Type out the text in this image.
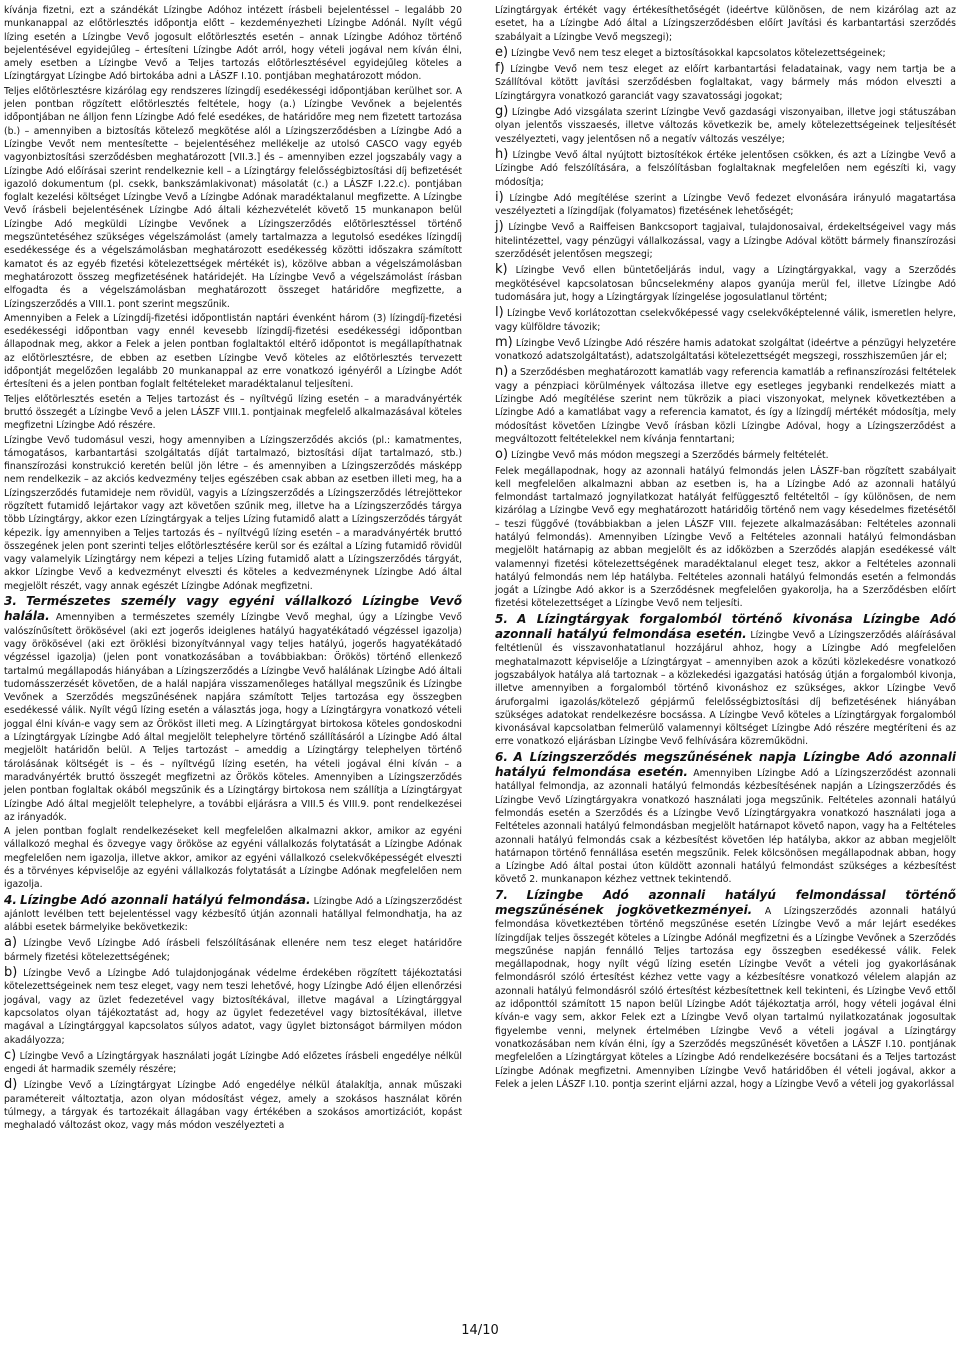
kívánja fizetni, ezt a szándékát Lízingbe Adóhoz intézett írásbeli bejelentéssel – legalább 20 munkanappal az előtörlesztés időpontja előtt – kezdeményezheti Lízingbe Adónál. Nyílt végű lízing esetén a Lízingbe Vevő jogosult előtörlesztés esetén – annak Lízingbe Adóhoz történő bejelentésével egyidejűleg – értesíteni Lízingbe Adót arról, hogy vételi jogával nem kíván élni, amely esetben a Lízingbe Vevő a Teljes tartozás előtörlesztésével egyidejűleg köteles a Lízingtárgyat Lízingbe Adó birtokába adni a LÁSZF I.10. pontjában meghatározott módon.

Teljes előtörlesztésre kizárólag egy rendszeres lízingdíj esedékességi időpontjában kerülhet sor. A jelen pontban rögzített előtörlesztés feltétele, hogy (a.) Lízingbe Vevőnek a bejelentés időpontjában ne álljon fenn Lízingbe Adó felé esedékes, de határidőre meg nem fizetett tartozása (b.) – amennyiben a biztosítás kötelező megkötése alól a Lízingszerződésben a Lízingbe Adó a Lízingbe Vevőt nem mentesítette – bejelentéséhez mellékelje az utolsó CASCO vagy egyéb vagyonbiztosítási szerződésben meghatározott [VII.3.] és – amennyiben ezzel jogszabály vagy a Lízingbe Adó előírásai szerint rendelkeznie kell – a Lízingtárgy felelősségbiztosítási díj befizetését igazoló dokumentum (pl. csekk, bankszámlakivonat) másolatát (c.) a LÁSZF I.22.c). pontjában foglalt kezelési költséget Lízingbe Vevő a Lízingbe Adónak maradéktalanul megfizette. A Lízingbe Vevő írásbeli bejelentésének Lízingbe Adó általi kézhezvételét követő 15 munkanapon belül Lízingbe Adó megküldi Lízingbe Vevőnek a Lízingszerződés előtörlesztéssel történő megszüntetéséhez szükséges végelszámolást (amely tartalmazza a legutolsó esedékes lízingdíj esedékessége és a végelszámolásban meghatározott esedékesség közötti időszakra számított kamatot és az egyéb fizetési kötelezettségek mértékét is), közölve abban a végelszámolásban meghatározott összeg megfizetésének határidejét. Ha Lízingbe Vevő a végelszámolást írásban elfogadta és a végelszámolásban meghatározott összeget határidőre megfizette, a Lízingszerződés a VIII.1. pont szerint megszűnik.

Amennyiben a Felek a Lízingdíj-fizetési időpontlistán naptári évenként három (3) lízingdíj-fizetési esedékességi időpontban vagy ennél kevesebb lízingdíj-fizetési esedékességi időpontban állapodnak meg, akkor a Felek a jelen pontban foglaltaktól eltérő időpontot is megállapíthatnak az előtörlesztésre, de ebben az esetben Lízingbe Vevő köteles az előtörlesztés tervezett időpontját megelőzően legalább 20 munkanappal az erre vonatkozó igényéről a Lízingbe Adót értesíteni és a jelen pontban foglalt feltételeket maradéktalanul teljesíteni.

Teljes előtörlesztés esetén a Teljes tartozást és – nyíltvégű lízing esetén – a maradványérték bruttó összegét a Lízingbe Vevő a jelen LÁSZF VIII.1. pontjainak megfelelő alkalmazásával köteles megfizetni Lízingbe Adó részére.

Lízingbe Vevő tudomásul veszi, hogy amennyiben a Lízingszerződés akciós (pl.: kamatmentes, támogatásos, karbantartási szolgáltatás díját tartalmazó, biztosítási díjat tartalmazó, stb.) finanszírozási konstrukció keretén belül jön létre – és amennyiben a Lízingszerződés másképp nem rendelkezik – az akciós kedvezmény teljes egészében csak abban az esetben illeti meg, ha a Lízingszerződés futamideje nem rövidül, vagyis a Lízingszerződés a Lízingszerződés létrejöttekor rögzített futamidő lejártakor vagy azt követően szűnik meg, illetve ha a Lízingszerződés tárgya több Lízingtárgy, akkor ezen Lízingtárgyak a teljes Lízing futamidő alatt a Lízingszerződés tárgyát képezik. Így amennyiben a Teljes tartozás és – nyíltvégű lízing esetén – a maradványérték bruttó összegének jelen pont szerinti teljes előtörlesztésére kerül sor és ezáltal a Lízing futamidő rövidül vagy valamelyik Lízingtárgy nem képezi a teljes Lízing futamidő alatt a Lízingszerződés tárgyát, akkor Lízingbe Vevő a kedvezményt elveszti és köteles a kedvezménynek Lízingbe Adó által megjelölt részét, vagy annak egészét Lízingbe Adónak megfizetni.

3. Természetes személy vagy egyéni vállalkozó Lízingbe Vevő halála. Amennyiben a természetes személy Lízingbe Vevő meghal, úgy a Lízingbe Vevő valószínűsített örökösével (aki ezt jogerős ideiglenes hatályú hagyatékátadó végzéssel igazolja) vagy örökösével (aki ezt öröklési bizonyítvánnyal vagy teljes hatályú, jogerős hagyatékátadó végzéssel igazolja) (jelen pont vonatkozásában a továbbiakban: Örökös) történő ellenkező tartalmú megállapodás hiányában a Lízingszerződés a Lízingbe Vevő halálának Lízingbe Adó általi tudomásszerzését követően, de a halál napjára visszamenőleges hatállyal megszűnik és Lízingbe Vevőnek a Szerződés megszűnésének napjára számított Teljes tartozása egy összegben esedékessé válik. Nyílt végű lízing esetén a választás joga, hogy a Lízingtárgyra vonatkozó vételi joggal élni kíván-e vagy sem az Örököst illeti meg. A Lízingtárgyat birtokosa köteles gondoskodni a Lízingtárgyak Lízingbe Adó által megjelölt telephelyre történő szállításáról a Lízingbe Adó által megjelölt határidőn belül. A Teljes tartozást – ameddig a Lízingtárgy telephelyen történő tárolásának költségét is – és – nyíltvégű lízing esetén, ha vételi jogával élni kíván – a maradványérték bruttó összegét megfizetni az Örökös köteles. Amennyiben a Lízingszerződés jelen pontban foglaltak okából megszűnik és a Lízingtárgy birtokosa nem szállítja a Lízingtárgyat Lízingbe Adó által megjelölt telephelyre, a további eljárásra a VIII.5 és VIII.9. pont rendelkezései az irányadók.

A jelen pontban foglalt rendelkezéseket kell megfelelően alkalmazni akkor, amikor az egyéni vállalkozó meghal és özvegye vagy örököse az egyéni vállalkozás folytatását a Lízingbe Adónak megfelelően nem igazolja, illetve akkor, amikor az egyéni vállalkozó cselekvőképességét elveszti és a törvényes képviselője az egyéni vállalkozás folytatását a Lízingbe Adónak megfelelően nem igazolja.

4. Lízingbe Adó azonnali hatályú felmondása. Lízingbe Adó a Lízingszerződést ajánlott levélben tett bejelentéssel vagy kézbesítő útján azonnali hatállyal felmondhatja, ha az alábbi esetek bármelyike bekövetkezik:

a) Lízingbe Vevő Lízingbe Adó írásbeli felszólításának ellenére nem tesz eleget határidőre bármely fizetési kötelezettségének;

b) Lízingbe Vevő a Lízingbe Adó tulajdonjogának védelme érdekében rögzített tájékoztatási kötelezettségeinek nem tesz eleget, vagy nem teszi lehetővé, hogy Lízingbe Adó éljen ellenőrzési jogával, vagy az üzlet fedezetével vagy biztosítékával, illetve magával a Lízingtárggyal kapcsolatos olyan tájékoztatást ad, hogy az ügylet fedezetével vagy biztosítékával, illetve magával a Lízingtárggyal kapcsolatos súlyos adatot, vagy ügylet biztonságot bármilyen módon akadályozza;

c) Lízingbe Vevő a Lízingtárgyak használati jogát Lízingbe Adó előzetes írásbeli engedélye nélkül engedi át harmadik személy részére;

d) Lízingbe Vevő a Lízingtárgyat Lízingbe Adó engedélye nélkül átalakítja, annak műszaki paramétereit változtatja, azon olyan módosítást végez, amely a szokásos használat körén túlmegy, a tárgyak és tartozékait állagában vagy értékében a szokásos amortizációt, kopást meghaladó változást okoz, vagy más módon veszélyezteti a

Lízingtárgyak értékét vagy értékesíthetőségét (ideértve különösen, de nem kizárólag azt az esetet, ha a Lízingbe Adó által a Lízingszerződésben előírt Javítási és karbantartási szerződés szabályait a Lízingbe Vevő megszegi);

e) Lízingbe Vevő nem tesz eleget a biztosításokkal kapcsolatos kötelezettségeinek;

f) Lízingbe Vevő nem tesz eleget az előírt karbantartási feladatainak, vagy nem tartja be a Szállítóval kötött javítási szerződésben foglaltakat, vagy bármely más módon elveszti a Lízingtárgyra vonatkozó garanciát vagy szavatossági jogokat;

g) Lízingbe Adó vizsgálata szerint Lízingbe Vevő gazdasági viszonyaiban, illetve jogi státuszában olyan jelentős visszaesés, illetve változás következik be, amely kötelezettségeinek teljesítését veszélyezteti, vagy jelentősen nő a negatív változás veszélye;

h) Lízingbe Vevő által nyújtott biztosítékok értéke jelentősen csökken, és azt a Lízingbe Vevő a Lízingbe Adó felszólítására, a felszólításban foglaltaknak megfelelően nem egészíti ki, vagy módosítja;

i) Lízingbe Adó megítélése szerint a Lízingbe Vevő fedezet elvonására irányuló magatartása veszélyezteti a lízingdíjak (folyamatos) fizetésének lehetőségét;

j) Lízingbe Vevő a Raiffeisen Bankcsoport tagjaival, tulajdonosaival, érdekeltségeivel vagy más hitelintézettel, vagy pénzügyi vállalkozással, vagy a Lízingbe Adóval kötött bármely finanszírozási szerződését jelentősen megszegi;

k) Lízingbe Vevő ellen büntetőeljárás indul, vagy a Lízingtárgyakkal, vagy a Szerződés megkötésével kapcsolatosan bűncselekmény alapos gyanúja merül fel, illetve Lízingbe Adó tudomására jut, hogy a Lízingtárgyak lízingelése jogosulatlanul történt;

l) Lízingbe Vevő korlátozottan cselekvőképessé vagy cselekvőképtelenné válik, ismeretlen helyre, vagy külföldre távozik;

m) Lízingbe Vevő Lízingbe Adó részére hamis adatokat szolgáltat (ideértve a pénzügyi helyzetére vonatkozó adatszolgáltatást), adatszolgáltatási kötelezettségét megszegi, rosszhiszeműen jár el;

n) a Szerződésben meghatározott kamatláb vagy referencia kamatláb a refinanszírozási feltételek vagy a pénzpiaci körülmények változása illetve egy esetleges jegybanki rendelkezés miatt a Lízingbe Adó megítélése szerint nem tükrözik a piaci viszonyokat, melynek következtében a Lízingbe Adó a kamatlábat vagy a referencia kamatot, és így a lízingdíj mértékét módosítja, mely módosítást követően Lízingbe Vevő írásban közli Lízingbe Adóval, hogy a Lízingszerződést a megváltozott feltételekkel nem kívánja fenntartani;

o) Lízingbe Vevő más módon megszegi a Szerződés bármely feltételét.

Felek megállapodnak, hogy az azonnali hatályú felmondás jelen LÁSZF-ban rögzített szabályait kell megfelelően alkalmazni abban az esetben is, ha a Lízingbe Adó az azonnali hatályú felmondást tartalmazó jognyilatkozat hatályát felfüggesztő feltételtől – így különösen, de nem kizárólag a Lízingbe Vevő egy meghatározott határidőig történő nem vagy késedelmes fizetésétől – teszi függővé (továbbiakban a jelen LÁSZF VIII. fejezete alkalmazásában: Feltételes azonnali hatályú felmondás). Amennyiben Lízingbe Vevő a Feltételes azonnali hatályú felmondásban megjelölt határnapig az abban megjelölt és az időközben a Szerződés alapján esedékessé vált valamennyi fizetési kötelezettségének maradéktalanul eleget tesz, akkor a Feltételes azonnali hatályú felmondás nem lép hatályba. Feltételes azonnali hatályú felmondás esetén a felmondás jogát a Lízingbe Adó akkor is a Szerződésnek megfelelően gyakorolja, ha a Szerződésben előírt fizetési kötelezettséget a Lízingbe Vevő nem teljesíti.

5. A Lízingtárgyak forgalomból történő kivonása Lízingbe Adó azonnali hatályú felmondása esetén. Lízingbe Vevő a Lízingszerződés aláírásával feltétlenül és visszavonhatatlanul hozzájárul ahhoz, hogy a Lízingbe Adó megfelelően meghatalmazott képviselője a Lízingtárgyat – amennyiben azok a közúti közlekedésre vonatkozó jogszabályok hatálya alá tartoznak – a közlekedési igazgatási hatóság útján a forgalomból kivonja, illetve amennyiben a forgalomból történő kivonáshoz ez szükséges, akkor Lízingbe Vevő áruforgalmi igazolás/kötelező gépjármű felelősségbiztosítási díj befizetésének hiányában szükséges adatokat rendelkezésre bocsássa. A Lízingbe Vevő köteles a Lízingtárgyak forgalomból kivonásával kapcsolatban felmerülő valamennyi költséget Lízingbe Adó részére megtéríteni és az erre vonatkozó eljárásban Lízingbe Vevő felhívására közreműködni.

6. A Lízingszerződés megszűnésének napja Lízingbe Adó azonnali hatályú felmondása esetén. Amennyiben Lízingbe Adó a Lízingszerződést azonnali hatállyal felmondja, az azonnali hatályú felmondás kézbesítésének napján a Lízingszerződés és Lízingbe Vevő Lízingtárgyakra vonatkozó használati joga megszűnik. Feltételes azonnali hatályú felmondás esetén a Szerződés és a Lízingbe Vevő Lízingtárgyakra vonatkozó használati joga a Feltételes azonnali hatályú felmondásban megjelölt határnapot követő napon, vagy ha a Feltételes azonnali hatályú felmondás csak a kézbesítést követően lép hatályba, akkor az abban megjelölt határnapon történő fennállása esetén megszűnik. Felek kölcsönösen megállapodnak abban, hogy a Lízingbe Adó által postai úton küldött azonnali hatályú felmondást szükséges a kézbesítést követő 2. munkanapon kézhez vettnek tekintendő.

7. Lízingbe Adó azonnali hatályú felmondással történő megszűnésének jogkövetkezményei. A Lízingszerződés azonnali hatályú felmondása következtében történő megszűnése esetén Lízingbe Vevő a már lejárt esedékes lízingdíjak teljes összegét köteles a Lízingbe Adónál megfizetni és a Lízingbe Vevőnek a Szerződés megszűnése napján fennálló Teljes tartozása egy összegben esedékessé válik. Felek megállapodnak, hogy nyílt végű lízing esetén Lízingbe Vevőt a vételi jog gyakorlásának felmondásról szóló értesítést kézhez vette vagy a kézbesítésre vonatkozó vélelem alapján az azonnali hatályú felmondásról szóló értesítést kézbesítettnek kell tekinteni, és Lízingbe Vevő ettől az időponttól számított 15 napon belül Lízingbe Adót tájékoztatja arról, hogy vételi jogával élni kíván-e vagy sem, akkor Felek ezt a Lízingbe Vevő olyan tartalmú nyilatkozatának jogosultak figyelembe venni, melynek értelmében Lízingbe Vevő a vételi jogával a Lízingtárgy vonatkozásában nem kíván élni, így a Szerződés megszűnését követően a LÁSZF I.10. pontjának megfelelően a Lízingtárgyat köteles a Lízingbe Adó rendelkezésére bocsátani és a Teljes tartozást Lízingbe Adónak megfizetni. Amennyiben Lízingbe Vevő határidőben él vételi jogával, akkor a Felek a jelen LÁSZF I.10. pontja szerint eljárni azzal, hogy a Lízingbe Vevő a vételi jog gyakorlással

14/10
